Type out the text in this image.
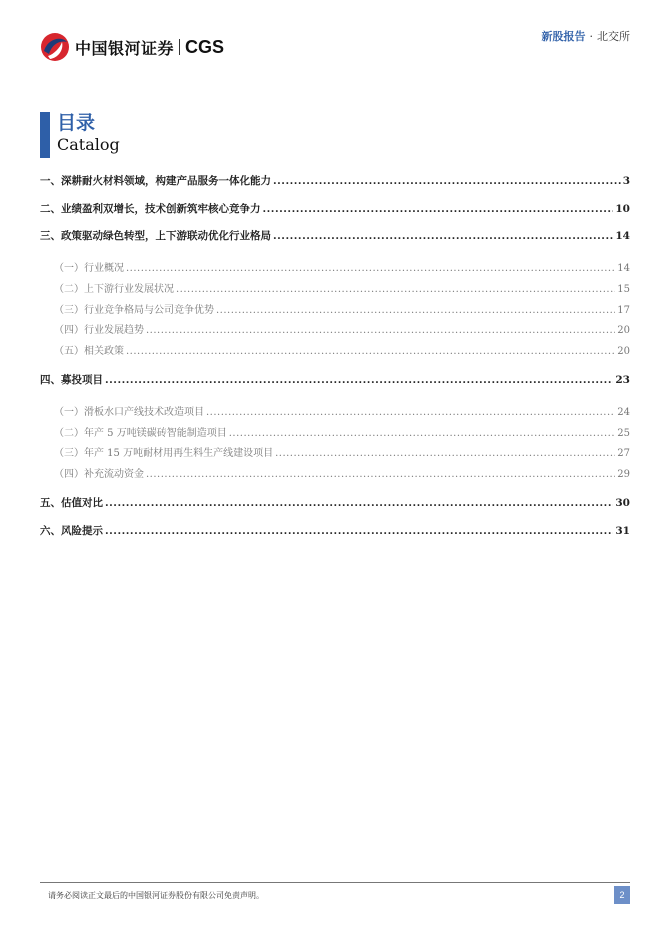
中国银河证券 CGS	新股报告 · 北交所
目录
Catalog
一、 深耕耐火材料领域，构建产品服务一体化能力 .....	3
二、 业绩盈利双增长，技术创新筑牢核心竞争力 .....	10
三、 政策驱动绿色转型，上下游联动优化行业格局 .....	14
（一） 行业概况 .....	14
（二） 上下游行业发展状况 .....	15
（三） 行业竞争格局与公司竞争优势 .....	17
（四） 行业发展趋势 .....	20
（五） 相关政策 .....	20
四、 募投项目 .....	23
（一） 滑板水口产线技术改造项目 .....	24
（二） 年产 5 万吨镁碳砖智能制造项目 .....	25
（三） 年产 15 万吨耐材用再生料生产线建设项目 .....	27
（四） 补充流动资金 .....	29
五、 估值对比 .....	30
六、 风险提示 .....	31
请务必阅读正文最后的中国银河证券股份有限公司免责声明。	2
